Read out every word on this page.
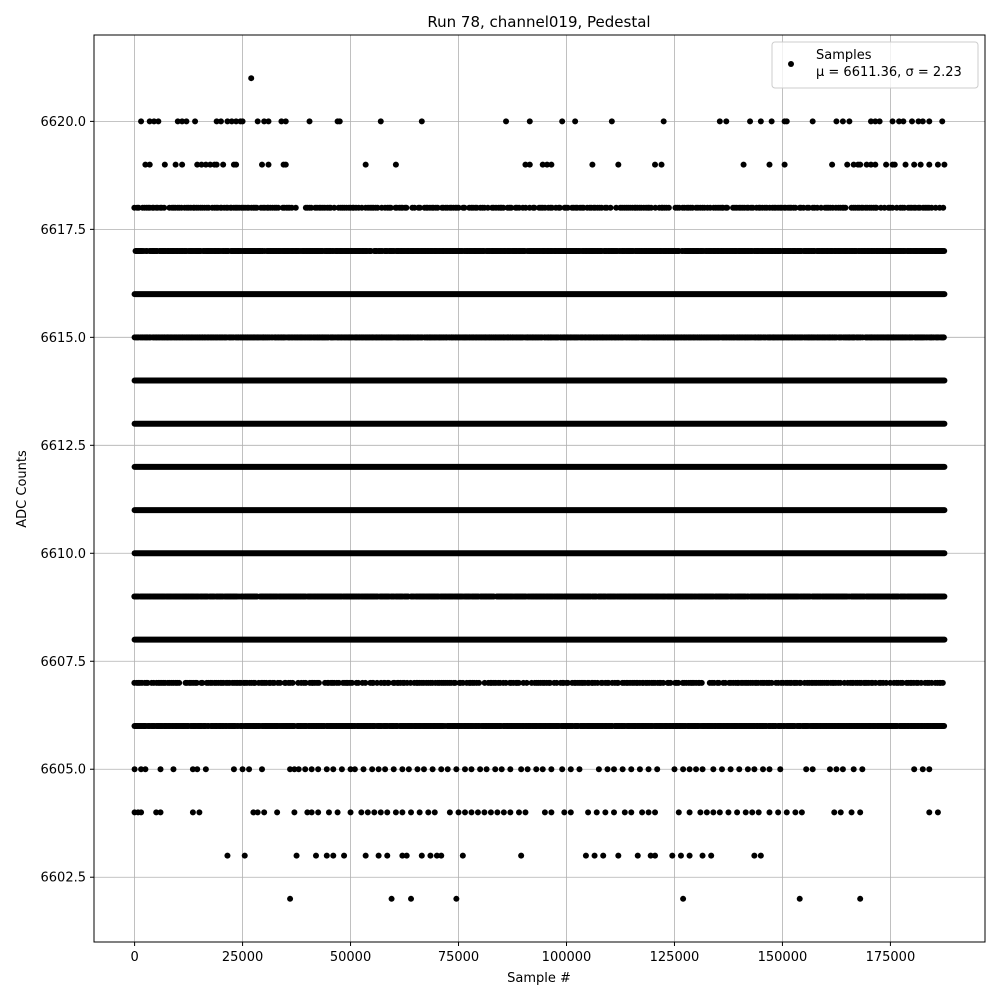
Run 78, channel019, Pedestal
0	25000	50000	75000	100000	125000	150000	175000
6602.5
6605.0
6607.5
6610.0
6612.5
6615.0
6617.5
6620.0
Sample #
ADC Counts
Samples
μ = 6611.36, σ = 2.23
